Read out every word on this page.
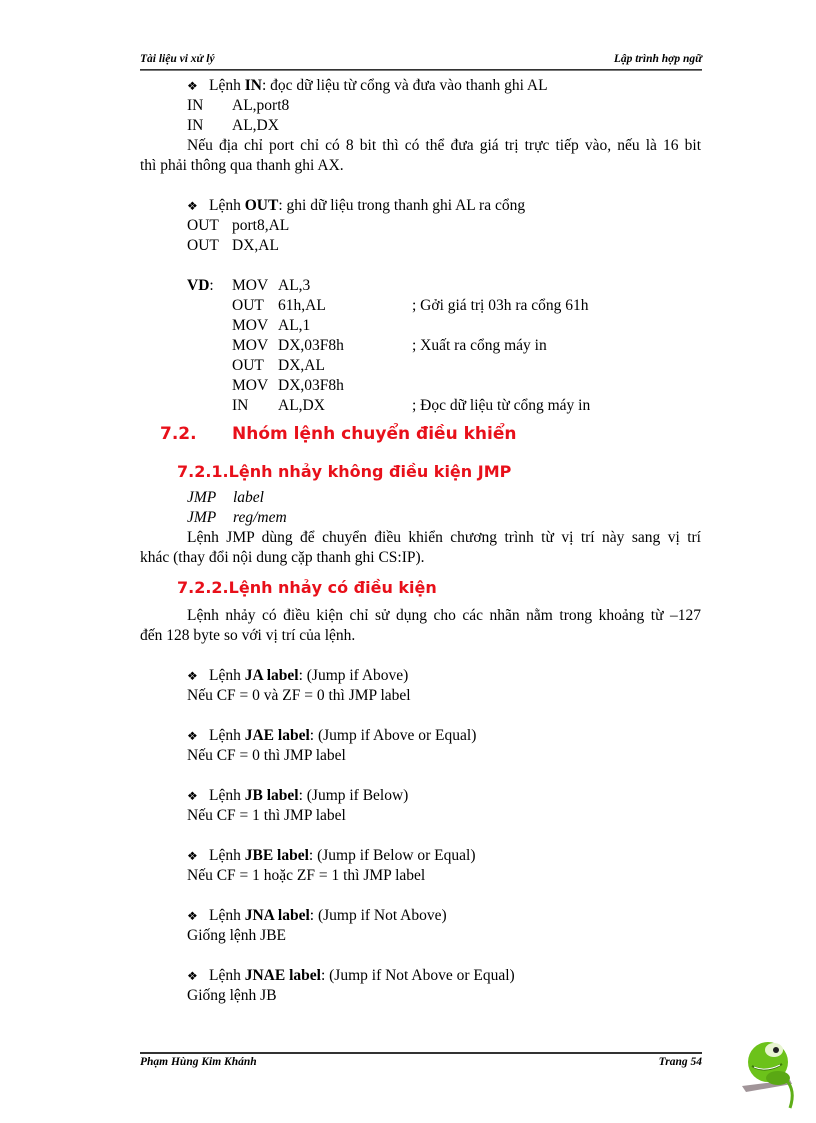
Tài liệu vi xử lý	Lập trình hợp ngữ
❖ Lệnh IN: đọc dữ liệu từ cổng và đưa vào thanh ghi AL
IN AL,port8
IN AL,DX
Nếu địa chỉ port chỉ có 8 bit thì có thể đưa giá trị trực tiếp vào, nếu là 16 bit
thì phải thông qua thanh ghi AX.
❖ Lệnh OUT: ghi dữ liệu trong thanh ghi AL ra cổng
OUT port8,AL
OUT DX,AL
VD: MOV AL,3
OUT 61h,AL	; Gởi giá trị 03h ra cổng 61h
MOV AL,1
MOV DX,03F8h	; Xuất ra cổng máy in
OUT DX,AL
MOV DX,03F8h
IN AL,DX	; Đọc dữ liệu từ cổng máy in
7.2. Nhóm lệnh chuyển điều khiển
7.2.1.Lệnh nhảy không điều kiện JMP
JMP label
JMP reg/mem
Lệnh JMP dùng để chuyển điều khiển chương trình từ vị trí này sang vị trí
khác (thay đổi nội dung cặp thanh ghi CS:IP).
7.2.2.Lệnh nhảy có điều kiện
Lệnh nhảy có điều kiện chỉ sử dụng cho các nhãn nằm trong khoảng từ –127
đến 128 byte so với vị trí của lệnh.
❖ Lệnh JA label: (Jump if Above)
Nếu CF = 0 và ZF = 0 thì JMP label
❖ Lệnh JAE label: (Jump if Above or Equal)
Nếu CF = 0 thì JMP label
❖ Lệnh JB label: (Jump if Below)
Nếu CF = 1 thì JMP label
❖ Lệnh JBE label: (Jump if Below or Equal)
Nếu CF = 1 hoặc ZF = 1 thì JMP label
❖ Lệnh JNA label: (Jump if Not Above)
Giống lệnh JBE
❖ Lệnh JNAE label: (Jump if Not Above or Equal)
Giống lệnh JB
Phạm Hùng Kim Khánh	Trang 54
